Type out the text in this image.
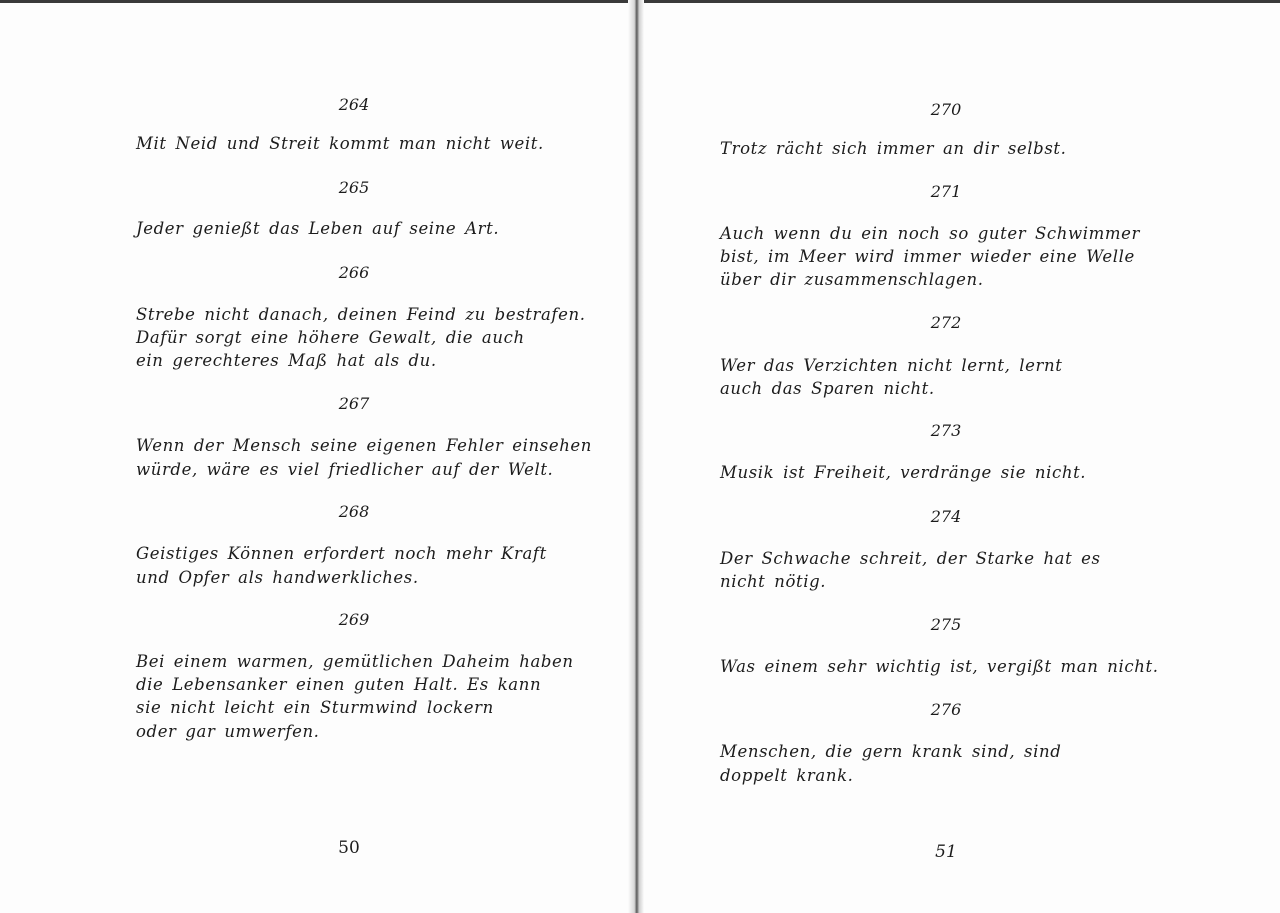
264
Mit Neid und Streit kommt man nicht weit.
265
Jeder genießt das Leben auf seine Art.
266
Strebe nicht danach, deinen Feind zu bestrafen.
Dafür sorgt eine höhere Gewalt, die auch
ein gerechteres Maß hat als du.
267
Wenn der Mensch seine eigenen Fehler einsehen
würde, wäre es viel friedlicher auf der Welt.
268
Geistiges Können erfordert noch mehr Kraft
und Opfer als handwerkliches.
269
Bei einem warmen, gemütlichen Daheim haben
die Lebensanker einen guten Halt. Es kann
sie nicht leicht ein Sturmwind lockern
oder gar umwerfen.
50
270
Trotz rächt sich immer an dir selbst.
271
Auch wenn du ein noch so guter Schwimmer
bist, im Meer wird immer wieder eine Welle
über dir zusammenschlagen.
272
Wer das Verzichten nicht lernt, lernt
auch das Sparen nicht.
273
Musik ist Freiheit, verdränge sie nicht.
274
Der Schwache schreit, der Starke hat es
nicht nötig.
275
Was einem sehr wichtig ist, vergißt man nicht.
276
Menschen, die gern krank sind, sind
doppelt krank.
51
